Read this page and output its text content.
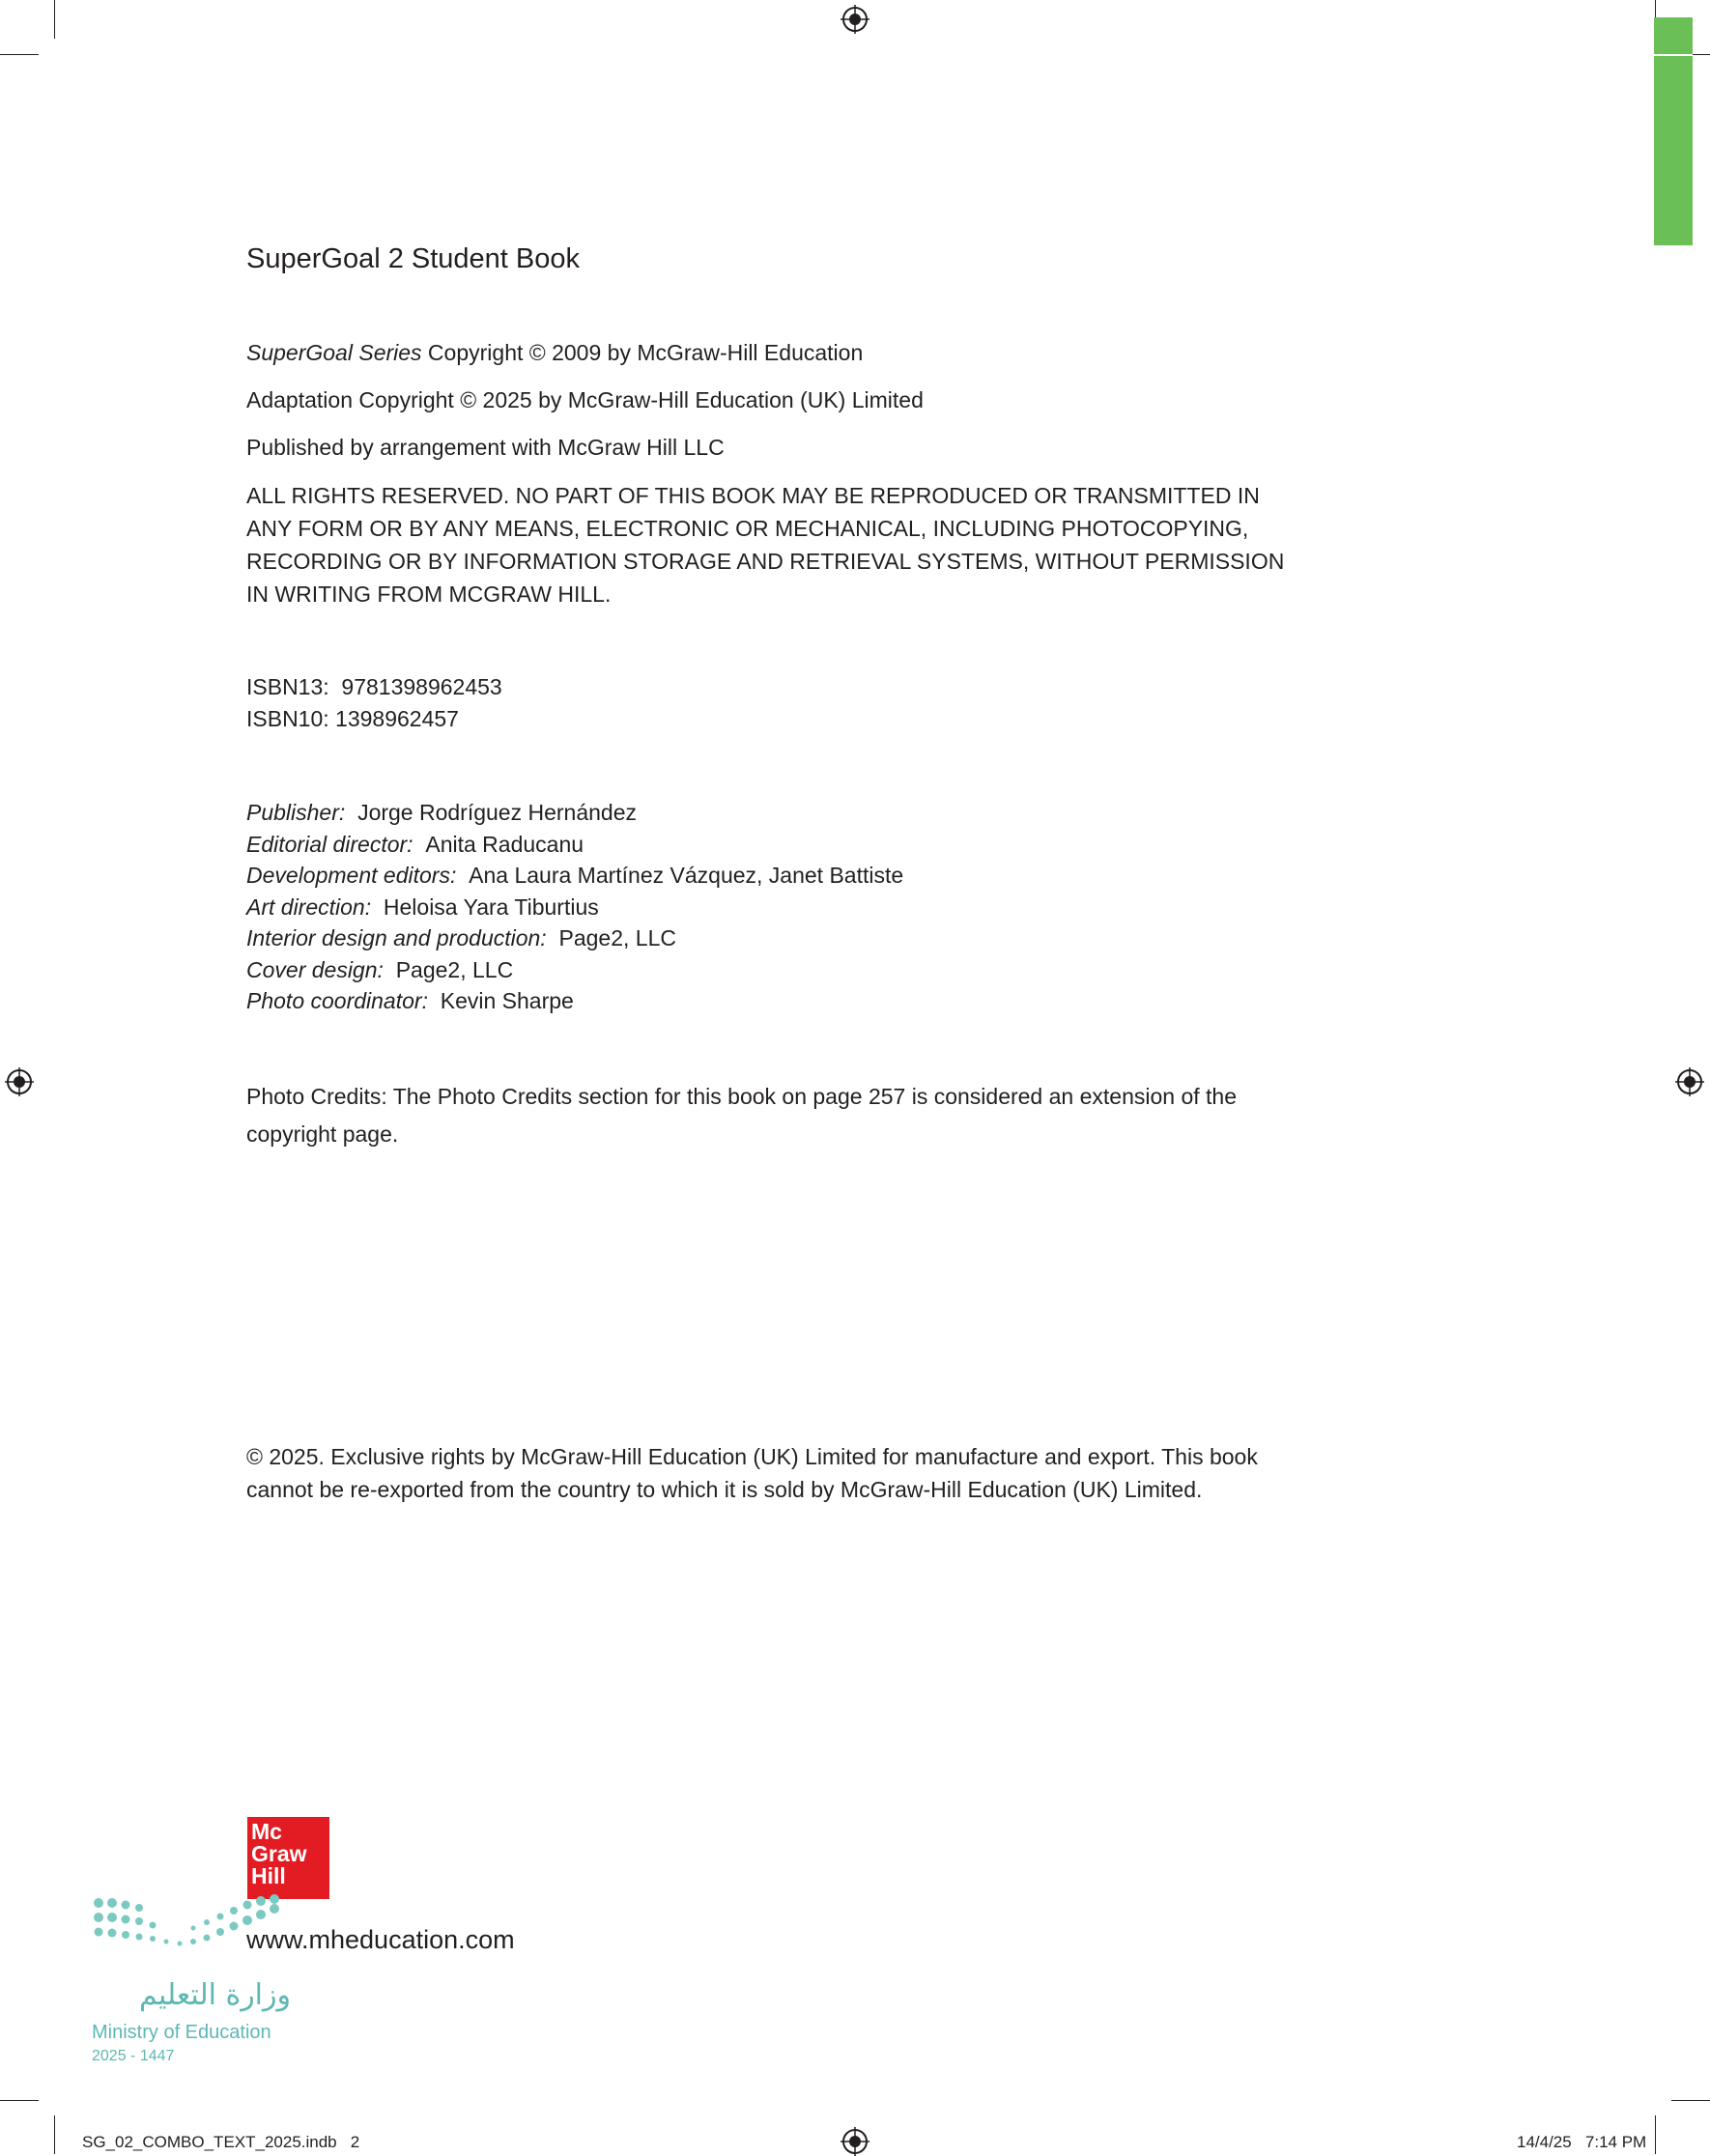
SuperGoal 2 Student Book
SuperGoal Series Copyright © 2009 by McGraw-Hill Education
Adaptation Copyright © 2025 by McGraw-Hill Education (UK) Limited
Published by arrangement with McGraw Hill LLC
ALL RIGHTS RESERVED. NO PART OF THIS BOOK MAY BE REPRODUCED OR TRANSMITTED IN ANY FORM OR BY ANY MEANS, ELECTRONIC OR MECHANICAL, INCLUDING PHOTOCOPYING, RECORDING OR BY INFORMATION STORAGE AND RETRIEVAL SYSTEMS, WITHOUT PERMISSION IN WRITING FROM MCGRAW HILL.
ISBN13:  9781398962453
ISBN10: 1398962457
Publisher: Jorge Rodríguez Hernández
Editorial director: Anita Raducanu
Development editors: Ana Laura Martínez Vázquez, Janet Battiste
Art direction: Heloisa Yara Tiburtius
Interior design and production: Page2, LLC
Cover design: Page2, LLC
Photo coordinator: Kevin Sharpe
Photo Credits: The Photo Credits section for this book on page 257 is considered an extension of the copyright page.
© 2025. Exclusive rights by McGraw-Hill Education (UK) Limited for manufacture and export. This book cannot be re-exported from the country to which it is sold by McGraw-Hill Education (UK) Limited.
Mc
Graw
Hill
www.mheducation.com
وزارة التعليم
Ministry of Education
2025 - 1447
SG_02_COMBO_TEXT_2025.indb   2	14/4/25   7:14 PM
